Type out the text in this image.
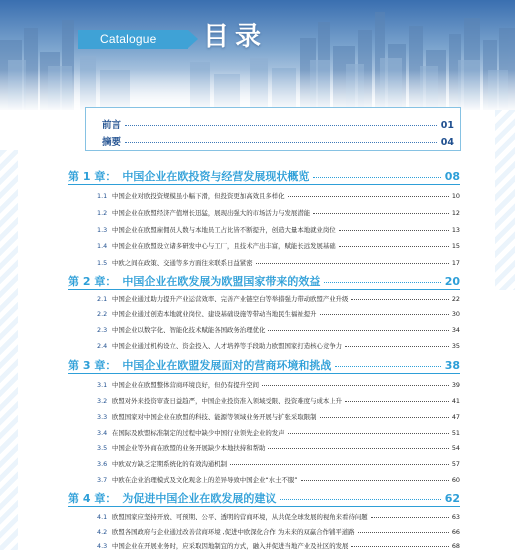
Catalogue	目录
前言	01
摘要	04
第 1 章： 中国企业在欧投资与经营发展现状概览	08
1.1 中国企业对欧投资规模虽小幅下滑，但投资更加高效且多样化	10
1.2 中国企业在欧盟经济产值增长迅猛，展现出强大的市场活力与发展潜能	12
1.3 中国企业在欧盟雇佣员人数与本地员工占比皆不断提升，创造大量本地就业岗位	13
1.4 中国企业在欧盟设立诸多研发中心与工厂，且技术产出丰富，赋能长远发展基础	15
1.5 中欧之间在政策、交通等多方面往来联系日益紧密	17
第 2 章： 中国企业在欧发展为欧盟国家带来的效益	20
2.1 中国企业通过助力提升产业运营效率、完善产业链空白等举措强力带动欧盟产业升级	22
2.2 中国企业通过创造本地就业岗位、建设基础设施等带动当地民生福祉提升	30
2.3 中国企业以数字化、智能化技术赋能各国政务治理优化	34
2.4 中国企业通过机构设立、资金投入、人才培养等手段助力欧盟国家打造核心竞争力	35
第 3 章： 中国企业在欧盟发展面对的营商环境和挑战	38
3.1 中国企业在欧盟整体营商环境良好，但仍有提升空间	39
3.2 欧盟对外来投资审查日益趋严，中国企业投资准入领域受限、投资难度与成本上升	41
3.3 欧盟国家对中国企业在欧盟的科技、能源等领域业务开展与扩张采取限制	47
3.4 在国际及欧盟标准制定的过程中缺少中国行业领先企业的发声	51
3.5 中国企业等外商在欧盟的业务开展缺少本地扶持和帮助	54
3.6 中欧双方缺乏定期系统化的有效沟通机制	57
3.7 中欧在企业治理模式及文化观念上的差异导致中国企业“水土不服”	60
第 4 章： 为促进中国企业在欧发展的建议	62
4.1 欧盟国家应坚持开放、可预期、公平、透明的营商环境，从共促全球发展的视角来看待问题	63
4.2 欧盟各国政府与企业通过改善营商环境 ,促进中欧深化合作 为未来的双赢合作铺平道路	66
4.3 中国企业在开展业务时，应采取因地制宜的方式，融入并促进当地产业及社区的发展	68
